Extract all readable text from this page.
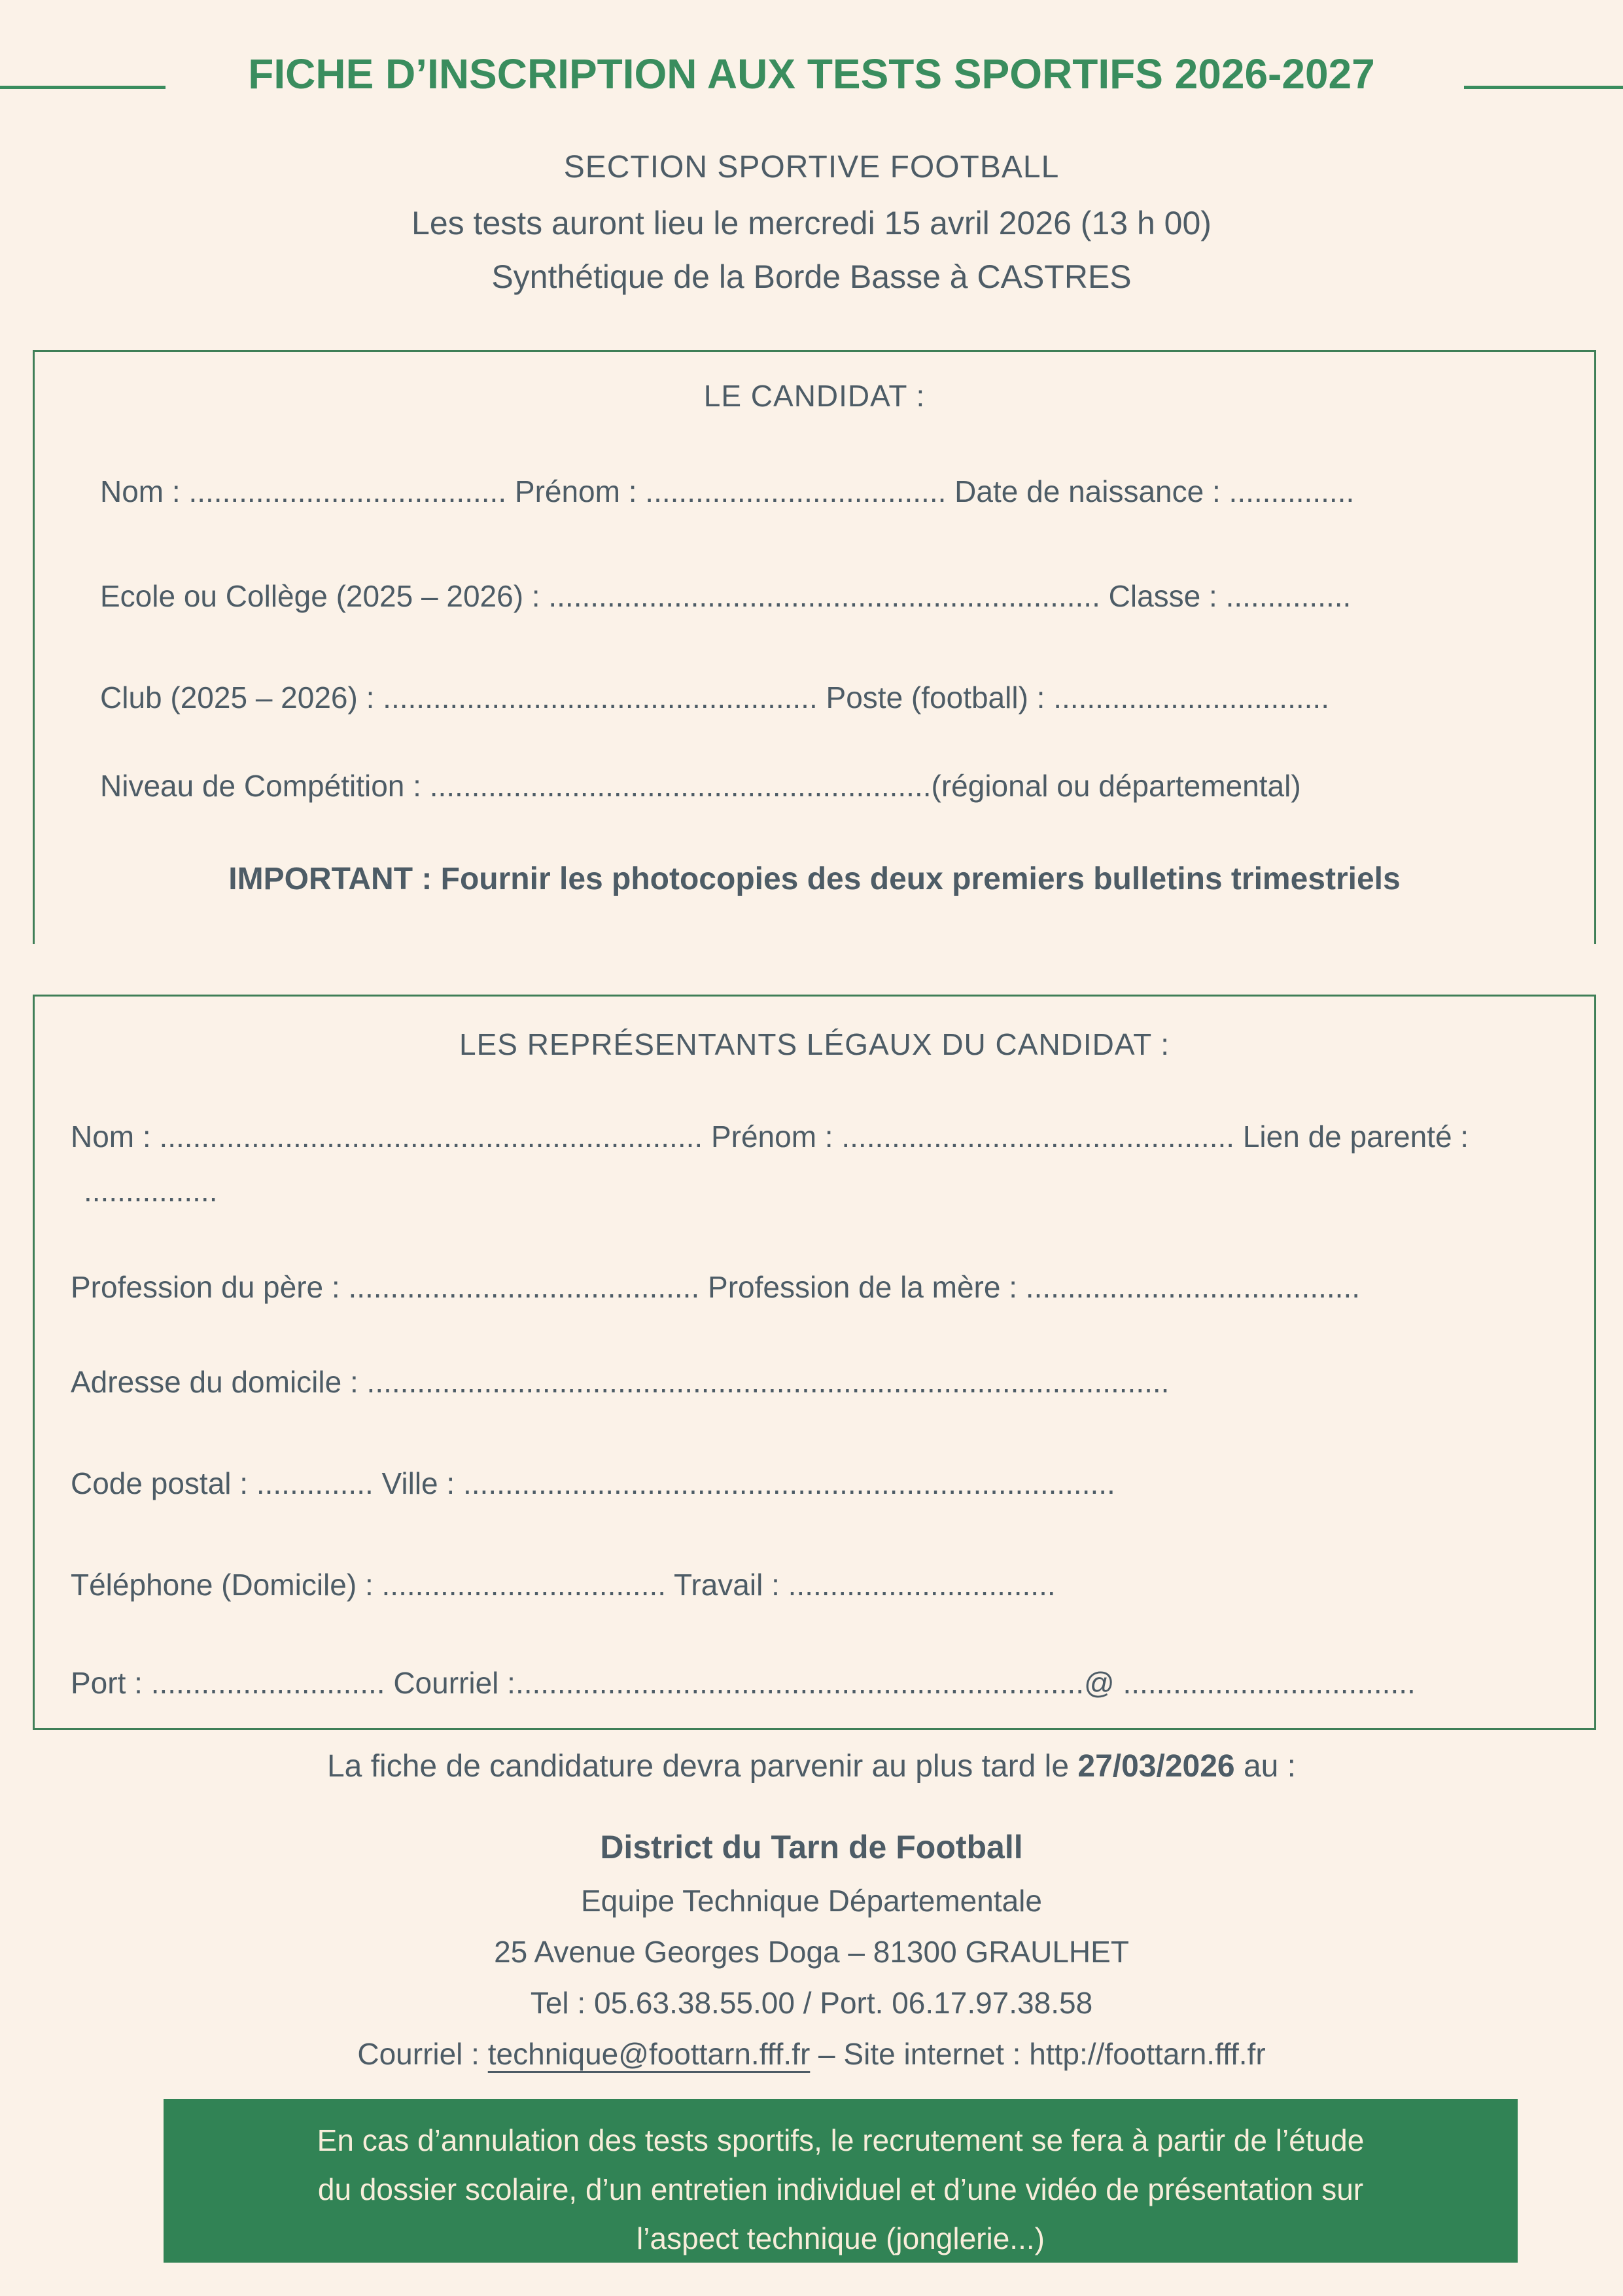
FICHE D’INSCRIPTION AUX TESTS SPORTIFS 2026-2027
SECTION SPORTIVE FOOTBALL
Les tests auront lieu le mercredi 15 avril 2026 (13 h 00)
Synthétique de la Borde Basse à CASTRES
LE CANDIDAT :
Nom : ...................................... Prénom : .................................... Date de naissance : ...............
Ecole ou Collège (2025 – 2026) : .................................................................. Classe : ...............
Club (2025 – 2026) : .................................................... Poste (football) : .................................
Niveau de Compétition : ............................................................(régional ou départemental)
IMPORTANT : Fournir les photocopies des deux premiers bulletins trimestriels
LES REPRÉSENTANTS LÉGAUX DU CANDIDAT :
Nom : ................................................................. Prénom : ............................................... Lien de parenté :
................
Profession du père : .......................................... Profession de la mère : ........................................
Adresse du domicile : ................................................................................................
Code postal : .............. Ville : ..............................................................................
Téléphone (Domicile) : .................................. Travail : ................................
Port : ............................ Courriel :....................................................................@ ...................................
La fiche de candidature devra parvenir au plus tard le 27/03/2026 au :
District du Tarn de Football
Equipe Technique Départementale
25 Avenue Georges Doga – 81300 GRAULHET
Tel : 05.63.38.55.00 / Port. 06.17.97.38.58
Courriel : technique@foottarn.fff.fr – Site internet : http://foottarn.fff.fr
En cas d’annulation des tests sportifs, le recrutement se fera à partir de l’étude
du dossier scolaire, d’un entretien individuel et d’une vidéo de présentation sur
l’aspect technique (jonglerie...)
